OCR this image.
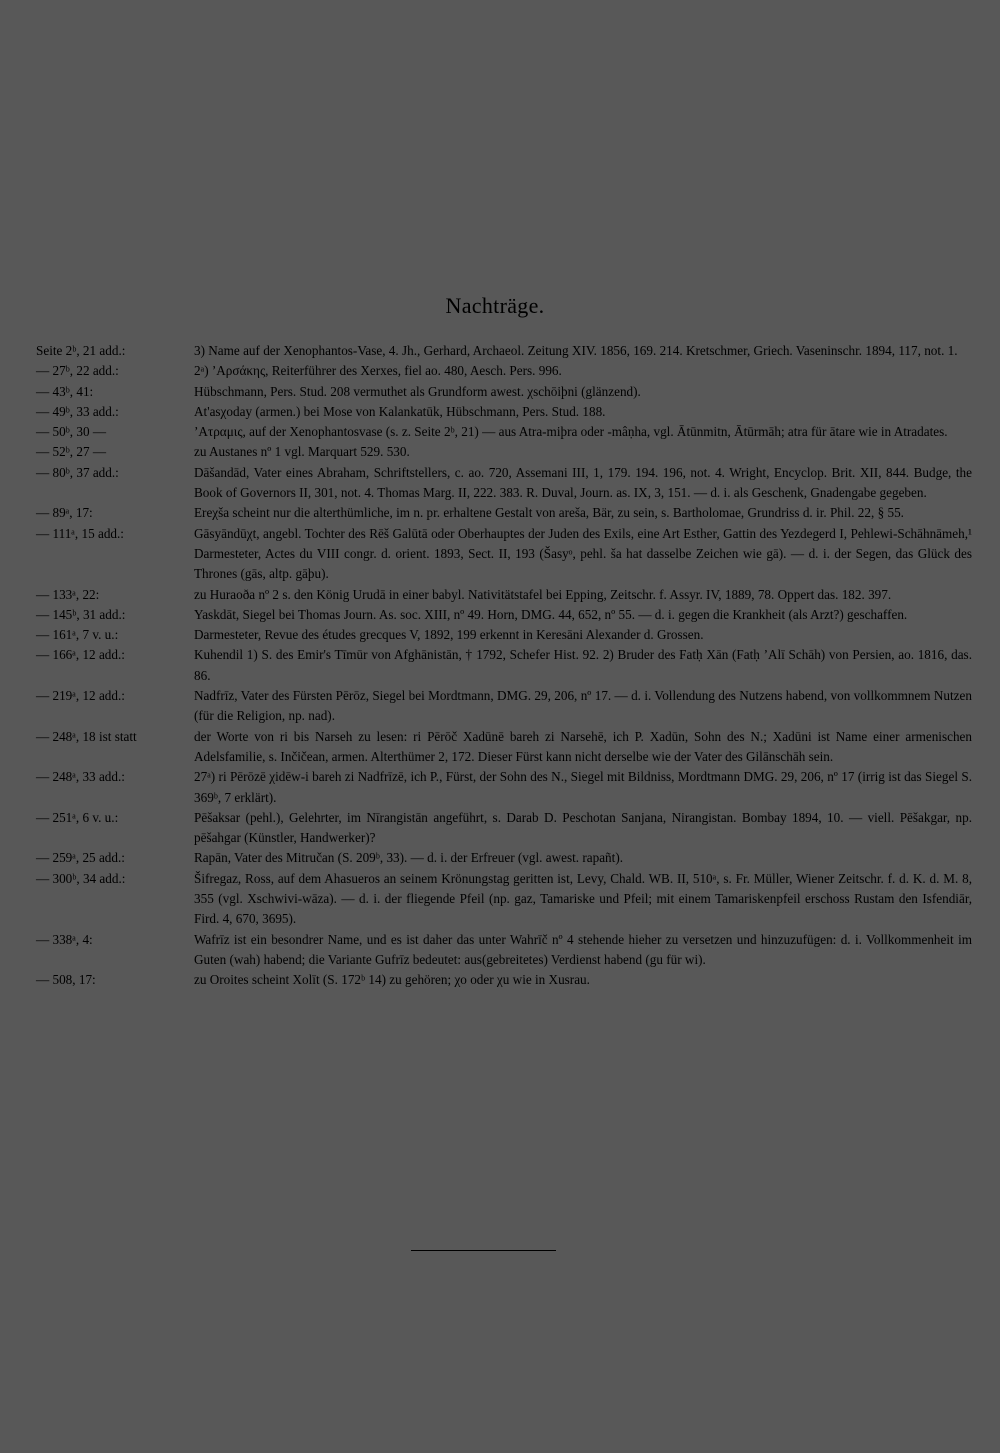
Nachträge.
Seite 2ᵇ, 21 add.:	3) Name auf der Xenophantos-Vase, 4. Jh., Gerhard, Archaeol. Zeitung XIV. 1856, 169. 214. Kretschmer, Griech. Vaseninschr. 1894, 117, not. 1.
— 27ᵇ, 22 add.:	2ᵃ) ʼΑρσάκης, Reiterführer des Xerxes, fiel ao. 480, Aesch. Pers. 996.
— 43ᵇ, 41:	Hübschmann, Pers. Stud. 208 vermuthet als Grundform awest. χschōiþni (glänzend).
— 49ᵇ, 33 add.:	At'asχoday (armen.) bei Mose von Kalankatūk, Hübschmann, Pers. Stud. 188.
— 50ᵇ, 30 —	ʼΑτραμις, auf der Xenophantosvase (s. z. Seite 2ᵇ, 21) — aus Atra-miþra oder -mâṇha, vgl. Ātūnmitn, Ātūrmāh; atra für ātare wie in Atradates.
— 52ᵇ, 27 —	zu Austanes nº 1 vgl. Marquart 529. 530.
— 80ᵇ, 37 add.:	Dāšandād, Vater eines Abraham, Schriftstellers, c. ao. 720, Assemani III, 1, 179. 194. 196, not. 4. Wright, Encyclop. Brit. XII, 844. Budge, the Book of Governors II, 301, not. 4. Thomas Marg. II, 222. 383. R. Duval, Journ. as. IX, 3, 151. — d. i. als Geschenk, Gnadengabe gegeben.
— 89ᵃ, 17:	Ereχša scheint nur die alterthümliche, im n. pr. erhaltene Gestalt von areša, Bär, zu sein, s. Bartholomae, Grundriss d. ir. Phil. 22, § 55.
— 111ᵃ, 15 add.:	Gāsyāndūχt, angebl. Tochter des Rēš Galūtā oder Oberhauptes der Juden des Exils, eine Art Esther, Gattin des Yezdegerd I, Pehlewi-Schāhnāmeh,¹ Darmesteter, Actes du VIII congr. d. orient. 1893, Sect. II, 193 (Šasyᵒ, pehl. ša hat dasselbe Zeichen wie gā). — d. i. der Segen, das Glück des Thrones (gās, altp. gāþu).
— 133ᵃ, 22:	zu Huraoða nº 2 s. den König Urudā in einer babyl. Nativitätstafel bei Epping, Zeitschr. f. Assyr. IV, 1889, 78. Oppert das. 182. 397.
— 145ᵇ, 31 add.:	Yaskdāt, Siegel bei Thomas Journ. As. soc. XIII, nº 49. Horn, DMG. 44, 652, nº 55. — d. i. gegen die Krankheit (als Arzt?) geschaffen.
— 161ᵃ, 7 v. u.:	Darmesteter, Revue des études grecques V, 1892, 199 erkennt in Keresāni Alexander d. Grossen.
— 166ᵃ, 12 add.:	Kuhendil 1) S. des Emir's Tīmūr von Afghānistān, † 1792, Schefer Hist. 92. 2) Bruder des Fatḥ Xān (Fatḥ ʼAlī Schāh) von Persien, ao. 1816, das. 86.
— 219ᵃ, 12 add.:	Nadfrīz, Vater des Fürsten Pērōz, Siegel bei Mordtmann, DMG. 29, 206, nº 17. — d. i. Vollendung des Nutzens habend, von vollkommnem Nutzen (für die Religion, np. nad).
— 248ᵃ, 18 ist statt	der Worte von ri bis Narseh zu lesen: ri Pērōč Xadūnē bareh zi Narsehē, ich P. Xadūn, Sohn des N.; Xadūni ist Name einer armenischen Adelsfamilie, s. Inčičean, armen. Alterthümer 2, 172. Dieser Fürst kann nicht derselbe wie der Vater des Gilānschāh sein.
— 248ᵃ, 33 add.:	27ᵃ) ri Pērōzē χidēw-i bareh zi Nadfrīzē, ich P., Fürst, der Sohn des N., Siegel mit Bildniss, Mordtmann DMG. 29, 206, nº 17 (irrig ist das Siegel S. 369ᵇ, 7 erklärt).
— 251ᵃ, 6 v. u.:	Pēšaksar (pehl.), Gelehrter, im Nīrangistān angeführt, s. Darab D. Peschotan Sanjana, Nirangistan. Bombay 1894, 10. — viell. Pēšakgar, np. pēšahgar (Künstler, Handwerker)?
— 259ᵃ, 25 add.:	Rapān, Vater des Mitručan (S. 209ᵇ, 33). — d. i. der Erfreuer (vgl. awest. rapañt).
— 300ᵇ, 34 add.:	Šifregaz, Ross, auf dem Ahasueros an seinem Krönungstag geritten ist, Levy, Chald. WB. II, 510ᵃ, s. Fr. Müller, Wiener Zeitschr. f. d. K. d. M. 8, 355 (vgl. Xschwivi-wāza). — d. i. der fliegende Pfeil (np. gaz, Tamariske und Pfeil; mit einem Tamariskenpfeil erschoss Rustam den Isfendiār, Fird. 4, 670, 3695).
— 338ᵃ, 4:	Wafrīz ist ein besondrer Name, und es ist daher das unter Wahrīč nº 4 stehende hieher zu versetzen und hinzuzufügen: d. i. Vollkommenheit im Guten (wah) habend; die Variante Gufrīz bedeutet: aus(gebreitetes) Verdienst habend (gu für wi).
— 508, 17:	zu Oroites scheint Xolīt (S. 172ᵇ 14) zu gehören; χo oder χu wie in Xusrau.
